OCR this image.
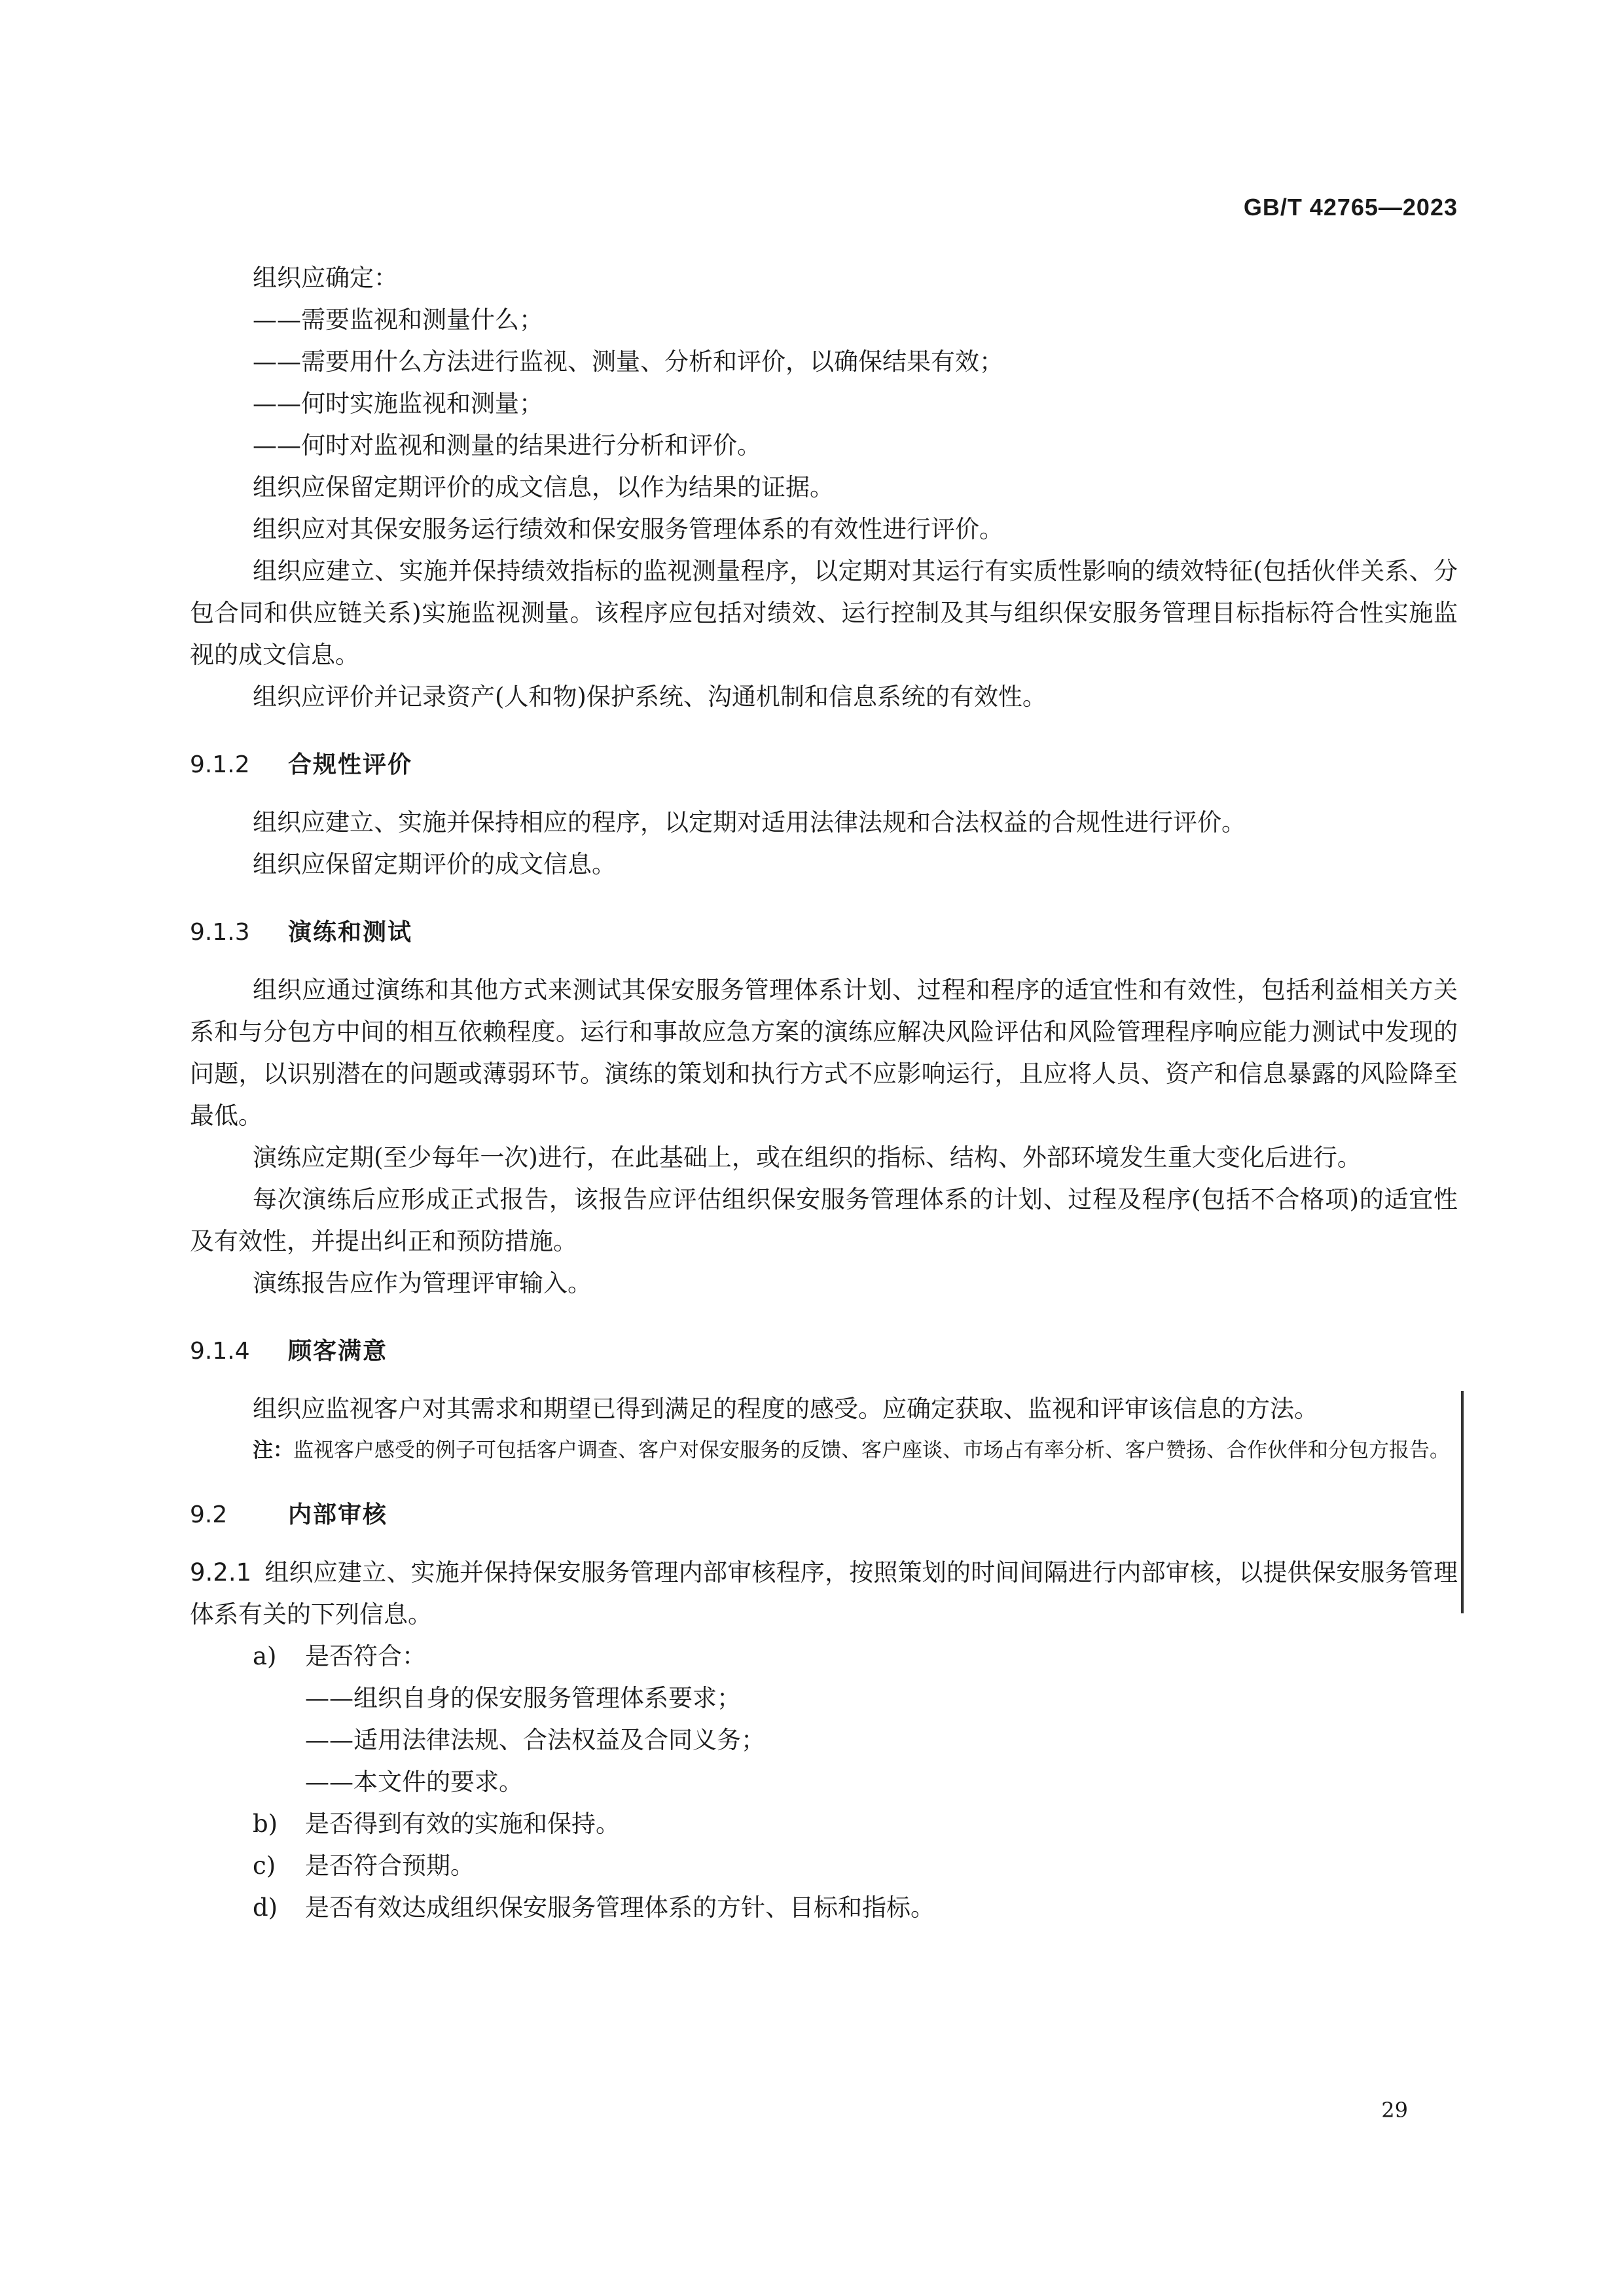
GB/T 42765—2023

组织应确定：

——需要监视和测量什么；

——需要用什么方法进行监视、测量、分析和评价，以确保结果有效；

——何时实施监视和测量；

——何时对监视和测量的结果进行分析和评价。

组织应保留定期评价的成文信息，以作为结果的证据。

组织应对其保安服务运行绩效和保安服务管理体系的有效性进行评价。

组织应建立、实施并保持绩效指标的监视测量程序，以定期对其运行有实质性影响的绩效特征(包括伙伴关系、分包合同和供应链关系)实施监视测量。该程序应包括对绩效、运行控制及其与组织保安服务管理目标指标符合性实施监视的成文信息。

组织应评价并记录资产(人和物)保护系统、沟通机制和信息系统的有效性。

9.1.2 合规性评价

组织应建立、实施并保持相应的程序，以定期对适用法律法规和合法权益的合规性进行评价。

组织应保留定期评价的成文信息。

9.1.3 演练和测试

组织应通过演练和其他方式来测试其保安服务管理体系计划、过程和程序的适宜性和有效性，包括利益相关方关系和与分包方中间的相互依赖程度。运行和事故应急方案的演练应解决风险评估和风险管理程序响应能力测试中发现的问题，以识别潜在的问题或薄弱环节。演练的策划和执行方式不应影响运行，且应将人员、资产和信息暴露的风险降至最低。

演练应定期(至少每年一次)进行，在此基础上，或在组织的指标、结构、外部环境发生重大变化后进行。

每次演练后应形成正式报告，该报告应评估组织保安服务管理体系的计划、过程及程序(包括不合格项)的适宜性及有效性，并提出纠正和预防措施。

演练报告应作为管理评审输入。

9.1.4 顾客满意

组织应监视客户对其需求和期望已得到满足的程度的感受。应确定获取、监视和评审该信息的方法。

注：监视客户感受的例子可包括客户调查、客户对保安服务的反馈、客户座谈、市场占有率分析、客户赞扬、合作伙伴和分包方报告。

9.2	内部审核

9.2.1 组织应建立、实施并保持保安服务管理内部审核程序，按照策划的时间间隔进行内部审核，以提供保安服务管理体系有关的下列信息。

a) 是否符合：

——组织自身的保安服务管理体系要求；

——适用法律法规、合法权益及合同义务；

——本文件的要求。

b) 是否得到有效的实施和保持。

c) 是否符合预期。

d) 是否有效达成组织保安服务管理体系的方针、目标和指标。

29
